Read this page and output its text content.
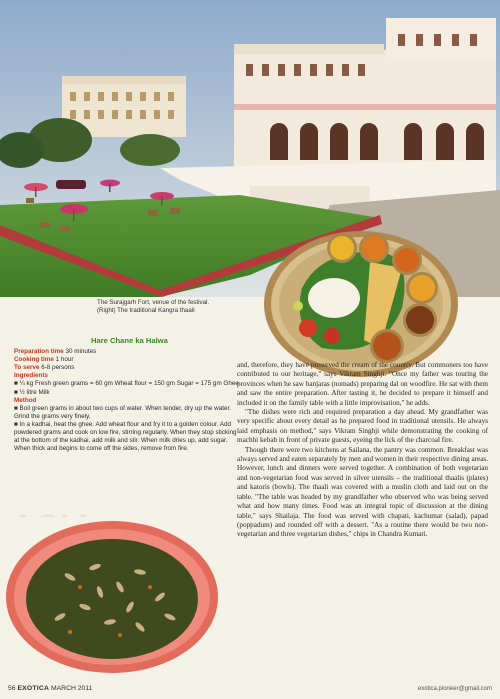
The Surajgarh Fort, venue of the festival.
(Right) The traditional Kangra thaali

Hare Chane ka Halwa

Preparation time 30 minutes

Cooking time 1 hour

To serve 6-8 persons

Ingredients

■ ¼ kg Fresh green grams = 60 gm Wheat flour = 150 gm Sugar = 175 gm Ghee

■ ½ litre Milk

Method

■ Boil green grams in about two cups of water. When tender, dry up the water. Grind the grams very finely.

■ In a kadhai, heat the ghee. Add wheat flour and fry it to a golden colour. Add powdered grams and cook on low fire, stirring regularly. When they stop sticking at the bottom of the kadhai, add milk and stir. When milk dries up, add sugar. When thick and begins to come off the sides, remove from fire.

and, therefore, they have preserved the cream of the country. But commoners too have contributed to our heritage," says Vikram Singhji. "Once my father was touring the provinces when he saw banjaras (nomads) preparing dal on woodfire. He sat with them and saw the entire preparation. After tasting it, he decided to prepare it himself and included it on the family table with a little improvisation," he adds.

"The dishes were rich and required preparation a day ahead. My grandfather was very specific about every detail as he prepared food in traditional utensils. He always laid emphasis on method," says Vikram Singhji while demonstrating the cooking of machhi kebab in front of private guests, eyeing the lick of the charcoal fire.

Though there were two kitchens at Sailana, the pantry was common. Breakfast was always served and eaten separately by men and women in their respective dining areas. However, lunch and dinners were served together. A combination of both vegetarian and non-vegetarian food was served in silver utensils – the traditional thaalis (plates) and katoris (bowls). The thaali was covered with a muslin cloth and laid out on the table. "The table was headed by my grandfather who observed who was being served what and how many times. Food was an integral topic of discussion at the dining table," says Shailaja. The food was served with chapati, kachumar (salad), papad (poppadum) and rounded off with a dessert. "As a routine there would be two non-vegetarian and three vegetarian dishes," chips in Chandra Kumari.

56 EXOTICA MARCH 2011	exotica.pioneer@gmail.com
